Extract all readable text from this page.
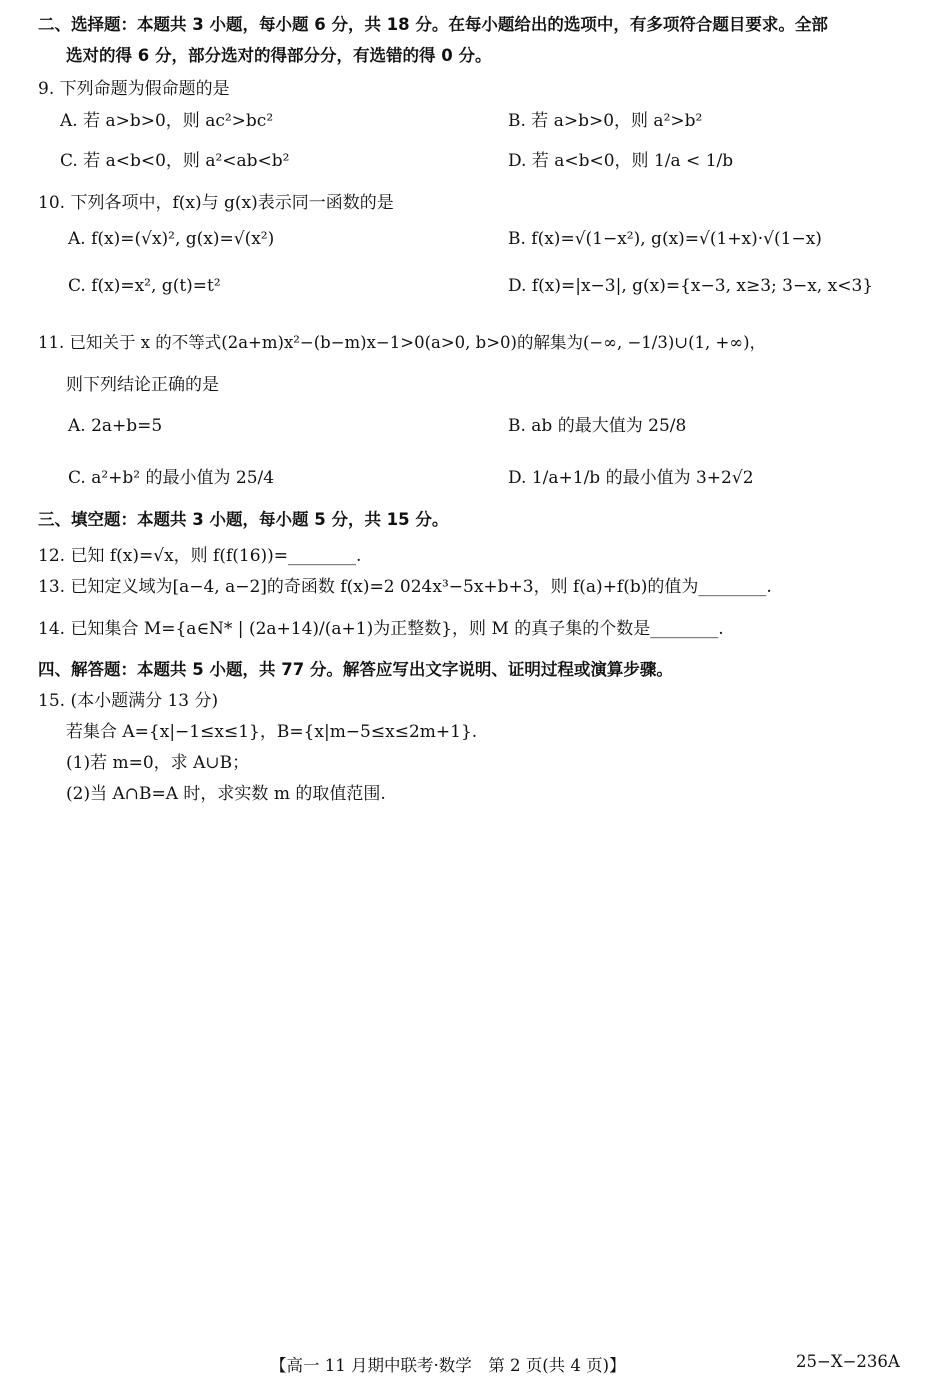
二、选择题：本题共 3 小题，每小题 6 分，共 18 分。在每小题给出的选项中，有多项符合题目要求。全部
选对的得 6 分，部分选对的得部分分，有选错的得 0 分。
9. 下列命题为假命题的是
A. 若 a>b>0，则 ac²>bc²	B. 若 a>b>0，则 a²>b²
C. 若 a<b<0，则 a²<ab<b²	D. 若 a<b<0，则 1/a < 1/b
10. 下列各项中，f(x)与 g(x)表示同一函数的是
A. f(x)=(√x)², g(x)=√(x²)	B. f(x)=√(1−x²), g(x)=√(1+x)·√(1−x)
C. f(x)=x², g(t)=t²	D. f(x)=|x−3|, g(x)={x−3, x≥3; 3−x, x<3}
11. 已知关于 x 的不等式(2a+m)x²−(b−m)x−1>0(a>0, b>0)的解集为(−∞, −1/3)∪(1, +∞)，
则下列结论正确的是
A. 2a+b=5	B. ab 的最大值为 25/8
C. a²+b² 的最小值为 25/4	D. 1/a+1/b 的最小值为 3+2√2
三、填空题：本题共 3 小题，每小题 5 分，共 15 分。
12. 已知 f(x)=√x，则 f(f(16))=________.
13. 已知定义域为[a−4, a−2]的奇函数 f(x)=2 024x³−5x+b+3，则 f(a)+f(b)的值为________.
14. 已知集合 M={a∈N* | (2a+14)/(a+1)为正整数}，则 M 的真子集的个数是________.
四、解答题：本题共 5 小题，共 77 分。解答应写出文字说明、证明过程或演算步骤。
15. (本小题满分 13 分)
若集合 A={x|−1≤x≤1}，B={x|m−5≤x≤2m+1}.
(1)若 m=0，求 A∪B；
(2)当 A∩B=A 时，求实数 m 的取值范围.
【高一 11 月期中联考·数学　第 2 页(共 4 页)】	25−X−236A
